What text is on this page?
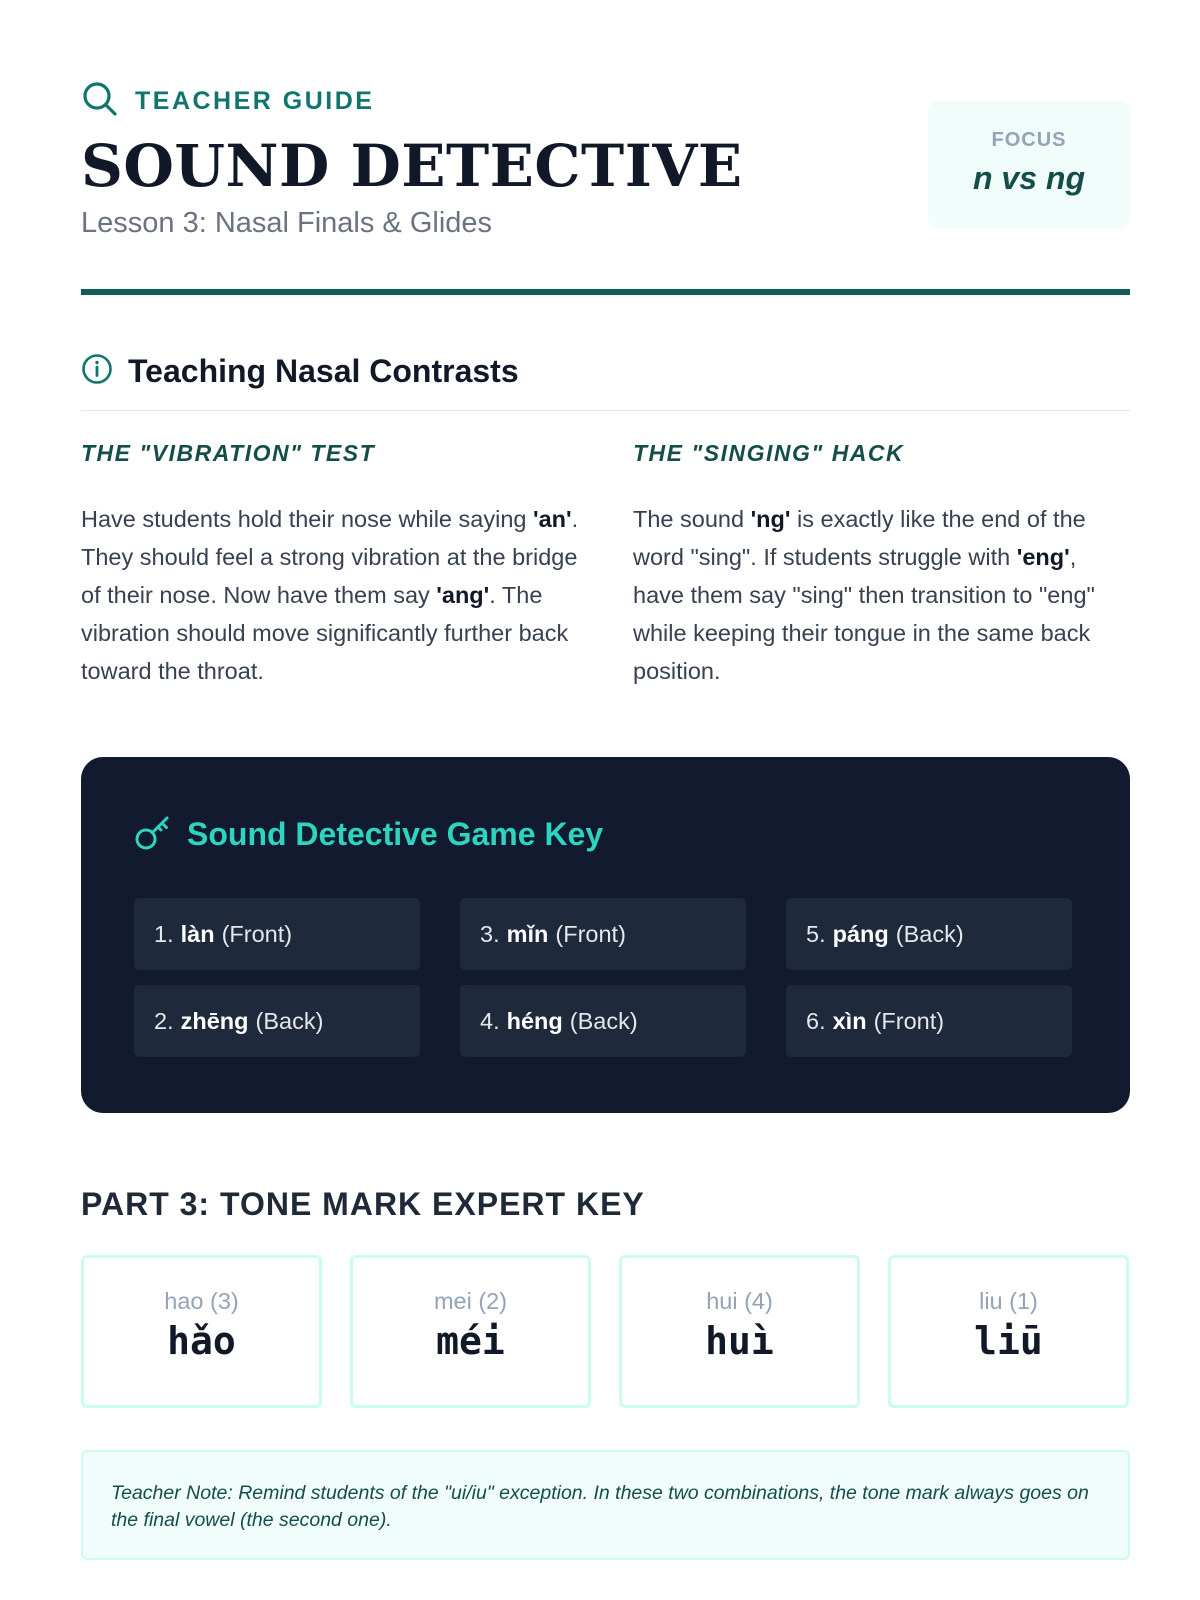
TEACHER GUIDE
SOUND DETECTIVE
Lesson 3: Nasal Finals & Glides
FOCUS
n vs ng
Teaching Nasal Contrasts
THE "VIBRATION" TEST

Have students hold their nose while saying 'an'. They should feel a strong vibration at the bridge of their nose. Now have them say 'ang'. The vibration should move significantly further back toward the throat.

THE "SINGING" HACK

The sound 'ng' is exactly like the end of the word "sing". If students struggle with 'eng', have them say "sing" then transition to "eng" while keeping their tongue in the same back position.

Sound Detective Game Key
1. làn (Front)	3. mǐn (Front)	5. páng (Back)
2. zhēng (Back)	4. héng (Back)	6. xìn (Front)
PART 3: TONE MARK EXPERT KEY
hao (3)
hǎo
mei (2)
méi
hui (4)
huì
liu (1)
liū

Teacher Note: Remind students of the "ui/iu" exception. In these two combinations, the tone mark always goes on the final vowel (the second one).
